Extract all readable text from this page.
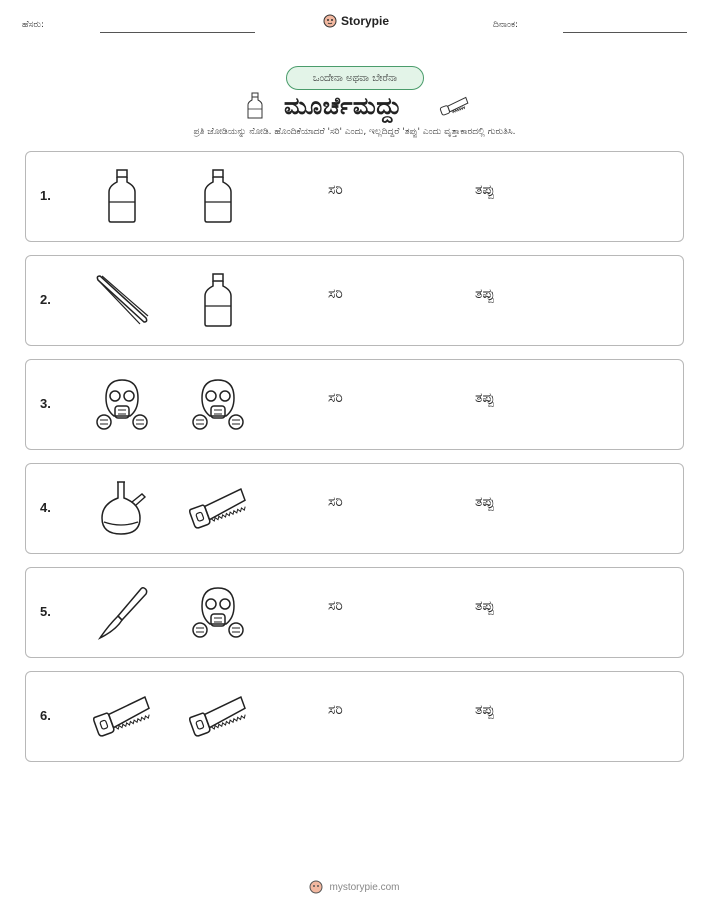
ಹೆಸರು:	Storypie	ದಿನಾಂಕ:
ಒಂದೇನಾ ಅಥವಾ ಬೇರೆನಾ
ಮೂರ್ಚೆಮದ್ದು
ಪ್ರತಿ ಜೋಡಿಯನ್ನು ನೋಡಿ. ಹೊಂದಿಕೆಯಾದರೆ 'ಸರಿ' ಎಂದು, ಇಲ್ಲದಿದ್ದರೆ 'ತಪ್ಪು' ಎಂದು ವೃತ್ತಾಕಾರದಲ್ಲಿ ಗುರುತಿಸಿ.
1.	ಸರಿ	ತಪ್ಪು
2.	ಸರಿ	ತಪ್ಪು
3.	ಸರಿ	ತಪ್ಪು
4.	ಸರಿ	ತಪ್ಪು
5.	ಸರಿ	ತಪ್ಪು
6.	ಸರಿ	ತಪ್ಪು
mystorypie.com
